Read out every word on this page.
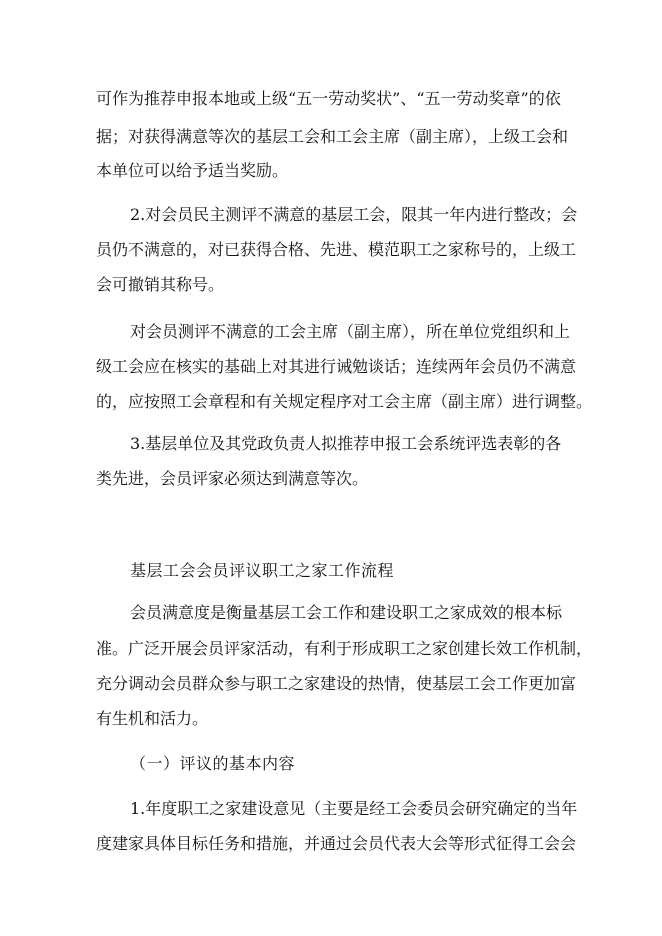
可作为推荐申报本地或上级“五一劳动奖状”、“五一劳动奖章”的依
据；对获得满意等次的基层工会和工会主席（副主席），上级工会和
本单位可以给予适当奖励。
2.对会员民主测评不满意的基层工会，限其一年内进行整改；会
员仍不满意的，对已获得合格、先进、模范职工之家称号的，上级工
会可撤销其称号。
对会员测评不满意的工会主席（副主席），所在单位党组织和上
级工会应在核实的基础上对其进行诫勉谈话；连续两年会员仍不满意
的，应按照工会章程和有关规定程序对工会主席（副主席）进行调整。
3.基层单位及其党政负责人拟推荐申报工会系统评选表彰的各
类先进，会员评家必须达到满意等次。
基层工会会员评议职工之家工作流程
会员满意度是衡量基层工会工作和建设职工之家成效的根本标
准。广泛开展会员评家活动，有利于形成职工之家创建长效工作机制，
充分调动会员群众参与职工之家建设的热情，使基层工会工作更加富
有生机和活力。
（一）评议的基本内容
1.年度职工之家建设意见（主要是经工会委员会研究确定的当年
度建家具体目标任务和措施，并通过会员代表大会等形式征得工会会
